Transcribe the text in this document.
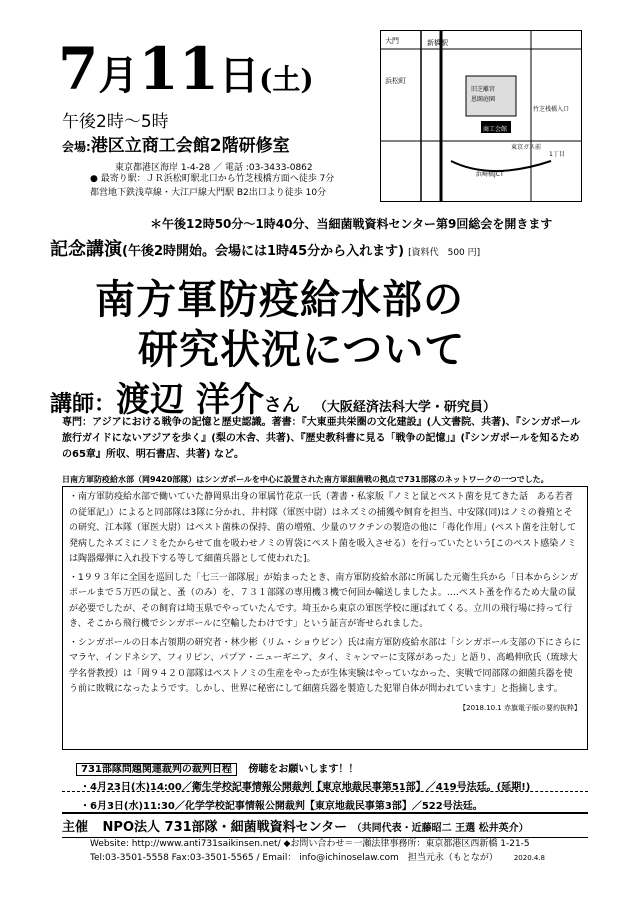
7月11日(土)
午後2時～5時
会場:港区立商工会館2階研修室
東京都港区海岸 1-4-28 ／ 電話 :03-3433-0862
● 最寄り駅：ＪＲ浜松町駅北口から竹芝桟橋方面へ徒歩 7分
都営地下鉄浅草線・大江戸線大門駅 B2出口より徒歩 10分
大門	新橋駅
浜松町
旧芝離宮
恩賜庭園
商工会館
竹芝桟橋入口
東京ガス前
浜崎橋JCT
1丁目
＊午後12時50分～1時40分、当細菌戦資料センター第9回総会を開きます
記念講演(午後2時開始。会場には1時45分から入れます) [資料代　500 円]
南方軍防疫給水部の
研究状況について
講師：渡辺 洋介さん （大阪経済法科大学・研究員）
専門：アジアにおける戦争の記憶と歴史認識。著書：『大東亜共栄圏の文化建設』(人文書院、共著)、『シンガポール旅行ガイドにないアジアを歩く』(梨の木舎、共著)、『歴史教科書に見る「戦争の記憶」』(『シンガポールを知るための65章』所収、明石書店、共著) など。
日南方軍防疫給水部（岡9420部隊）はシンガポールを中心に設置された南方軍細菌戦の拠点で731部隊のネットワークの一つでした。

・南方軍防疫給水部で働いていた静岡県出身の軍属竹花京一氏（著書・私家版『ノミと鼠とペスト菌を見てきた話　ある若者の従軍記』）によると同部隊は3隊に分かれ、井村隊（軍医中尉）はネズミの捕獲や飼育を担当、中安隊(同)はノミの養殖とその研究、江本隊（軍医大尉）はペスト菌株の保持、菌の増殖、少量のワクチンの製造の他に「毒化作用」(ペスト菌を注射して発病したネズミにノミをたからせて血を吸わせノミの胃袋にペスト菌を吸入させる）を行っていたという[このペスト感染ノミは陶器爆弾に入れ投下する等して細菌兵器として使われた]。

・1９９３年に全国を巡回した「七三一部隊展」が始まったとき、南方軍防疫給水部に所属した元衛生兵から「日本からシンガポールまで５万匹の鼠と、蚤（のみ）を、７３１部隊の専用機３機で何回か輸送しましたよ。‥‥ペスト蚤を作るため大量の鼠が必要でしたが、その飼育は埼玉県でやっていたんです。埼玉から東京の軍医学校に運ばれてくる。立川の飛行場に持って行き、そこから飛行機でシンガポールに空輸したわけです」という証言が寄せられました。

・シンガポールの日本占領期の研究者・林少彬（リム・ショウビン）氏は南方軍防疫給水部は「シンガポール支部の下にさらにマラヤ、インドネシア、フィリピン、パプア・ニューギニア、タイ、ミャンマーに支隊があった」と語り、高嶋伸欣氏（琉球大学名誉教授）は「岡９４２０部隊はペストノミの生産をやったが生体実験はやっていなかった、実戦で同部隊の細菌兵器を使う前に敗戦になったようです。しかし、世界に秘密にして細菌兵器を製造した犯罪自体が問われています」と指摘します。

【2018.10.1 赤旗電子版の要約抜粋】
731部隊問題関連裁判の裁判日程 傍聴をお願いします！！
・4月23日(木)14:00／衛生学校記事情報公開裁判【東京地裁民事第51部】／419号法廷。(延期!)
・6月3日(水)11:30／化学学校記事情報公開裁判【東京地裁民事第3部】／522号法廷。
主催 NPO法人 731部隊・細菌戦資料センター （共同代表・近藤昭二 王選 松井英介）
Website: http://www.anti731saikinsen.net/ ◆お問い合わせ＝一瀬法律事務所：東京都港区西新橋 1-21-5
Tel:03-3501-5558 Fax:03-3501-5565 / Email： info@ichinoselaw.com　担当元永（もとなが） 2020.4.8
